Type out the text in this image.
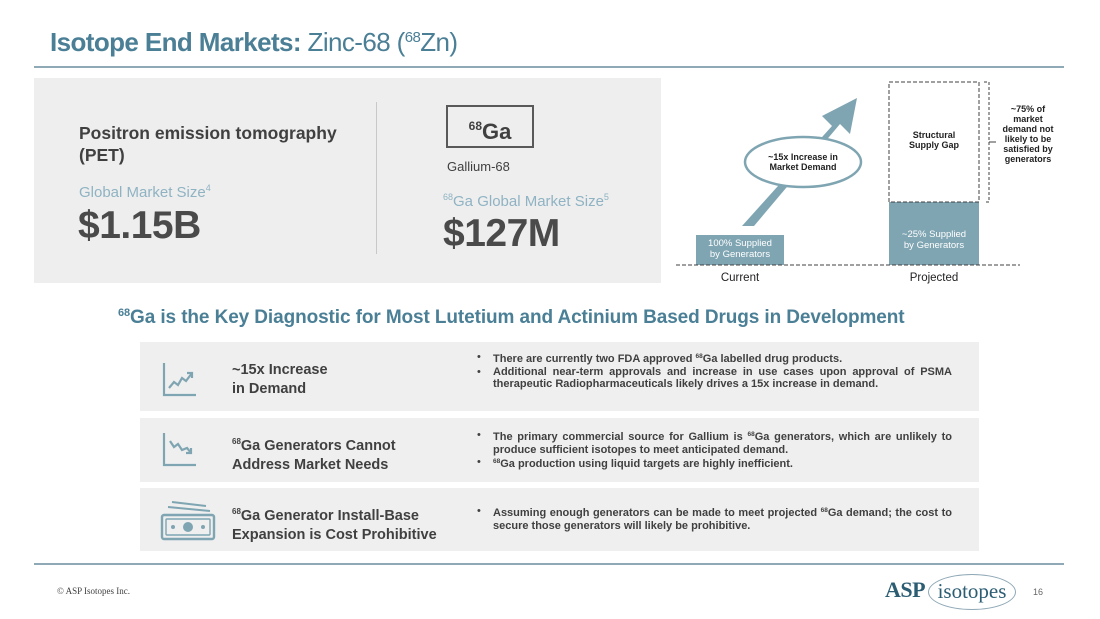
Isotope End Markets: Zinc-68 ($^{68}$Zn)
Positron emission tomography (PET)
Global Market Size$^4$
$1.15B
$^{68}$Ga
Gallium-68
$^{68}$Ga Global Market Size$^5$
$127M	100% Supplied
by Generators
~15x Increase in
Market Demand
Structural
Supply Gap
~25% Supplied
by Generators
~75% of
market
demand not
likely to be
satisfied by
generators
Current	Projected
$^{68}$Ga is the Key Diagnostic for Most Lutetium and Actinium Based Drugs in Development
~15x Increase
in Demand
• There are currently two FDA approved $^{68}$Ga labelled drug products.
• Additional near-term approvals and increase in use cases upon approval of PSMA therapeutic Radiopharmaceuticals likely drives a 15x increase in demand.
$^{68}$Ga Generators Cannot
Address Market Needs
• The primary commercial source for Gallium is $^{68}$Ga generators, which are unlikely to produce sufficient isotopes to meet anticipated demand.
• $^{68}$Ga production using liquid targets are highly inefficient.
$^{68}$Ga Generator Install-Base
Expansion is Cost Prohibitive
• Assuming enough generators can be made to meet projected $^{68}$Ga demand; the cost to secure those generators will likely be prohibitive.
© ASP Isotopes Inc.	ASP isotopes	16
